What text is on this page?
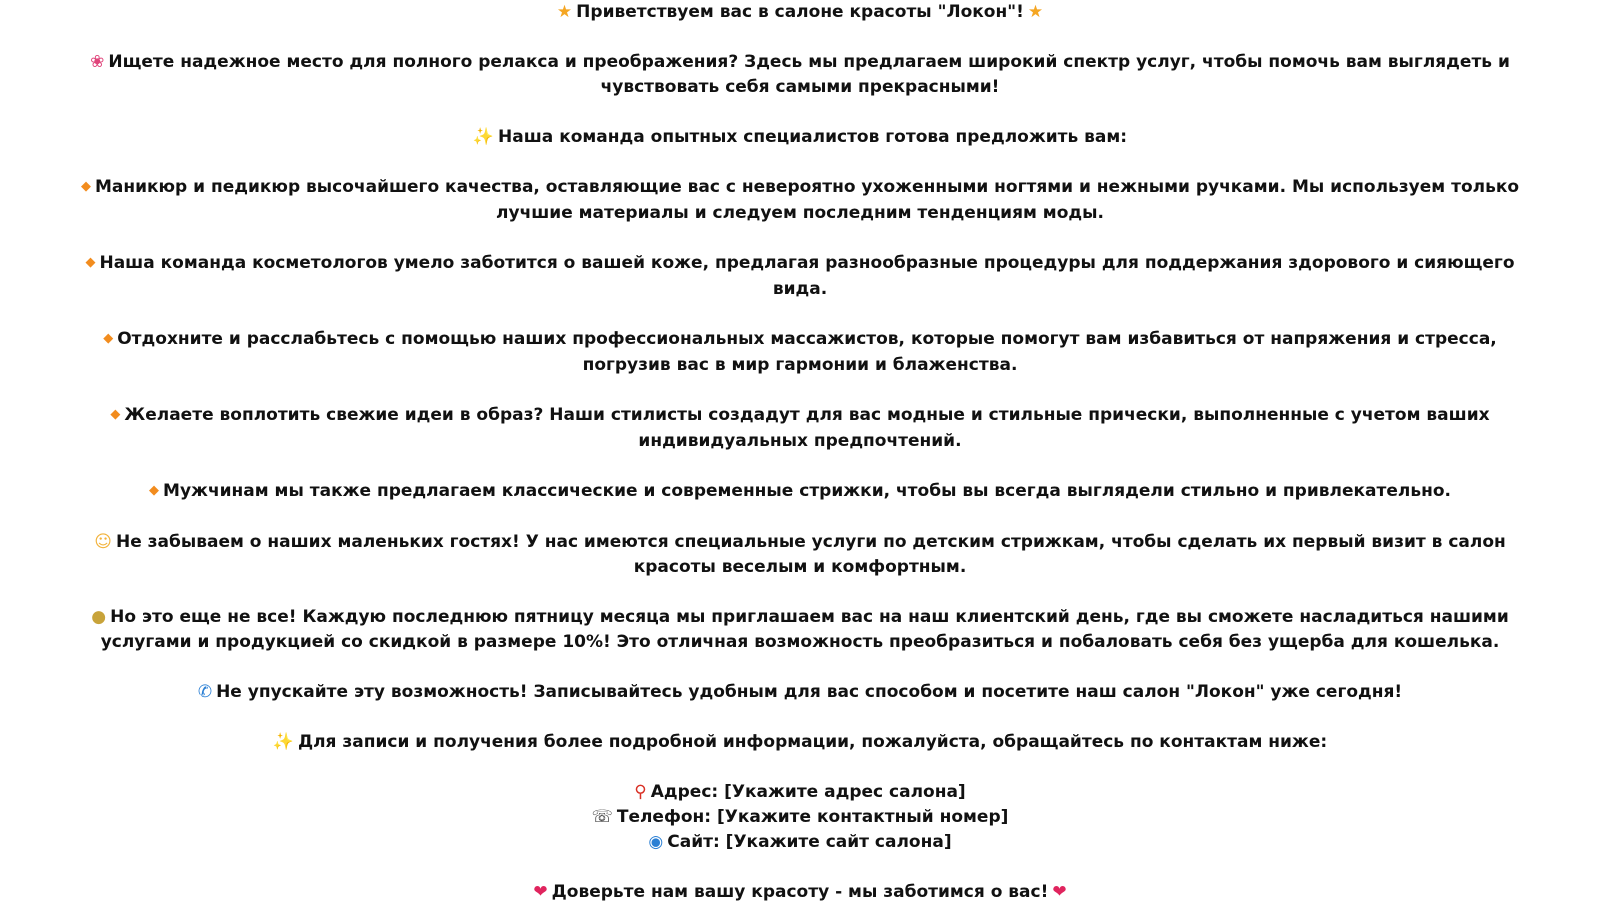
★ Приветствуем вас в салоне красоты "Локон"! ★

❀ Ищете надежное место для полного релакса и преображения? Здесь мы предлагаем широкий спектр услуг, чтобы помочь вам выглядеть и чувствовать себя самыми прекрасными!

✨ Наша команда опытных специалистов готова предложить вам:

◆ Маникюр и педикюр высочайшего качества, оставляющие вас с невероятно ухоженными ногтями и нежными ручками. Мы используем только лучшие материалы и следуем последним тенденциям моды.

◆ Наша команда косметологов умело заботится о вашей коже, предлагая разнообразные процедуры для поддержания здорового и сияющего вида.

◆ Отдохните и расслабьтесь с помощью наших профессиональных массажистов, которые помогут вам избавиться от напряжения и стресса, погрузив вас в мир гармонии и блаженства.

◆ Желаете воплотить свежие идеи в образ? Наши стилисты создадут для вас модные и стильные прически, выполненные с учетом ваших индивидуальных предпочтений.

◆ Мужчинам мы также предлагаем классические и современные стрижки, чтобы вы всегда выглядели стильно и привлекательно.

☺ Не забываем о наших маленьких гостях! У нас имеются специальные услуги по детским стрижкам, чтобы сделать их первый визит в салон красоты веселым и комфортным.

● Но это еще не все! Каждую последнюю пятницу месяца мы приглашаем вас на наш клиентский день, где вы сможете насладиться нашими услугами и продукцией со скидкой в размере 10%! Это отличная возможность преобразиться и побаловать себя без ущерба для кошелька.

✆ Не упускайте эту возможность! Записывайтесь удобным для вас способом и посетите наш салон "Локон" уже сегодня!

✨ Для записи и получения более подробной информации, пожалуйста, обращайтесь по контактам ниже:

⚲ Адрес: [Укажите адрес салона]

☏ Телефон: [Укажите контактный номер]

◉ Сайт: [Укажите сайт салона]

❤ Доверьте нам вашу красоту - мы заботимся о вас! ❤
